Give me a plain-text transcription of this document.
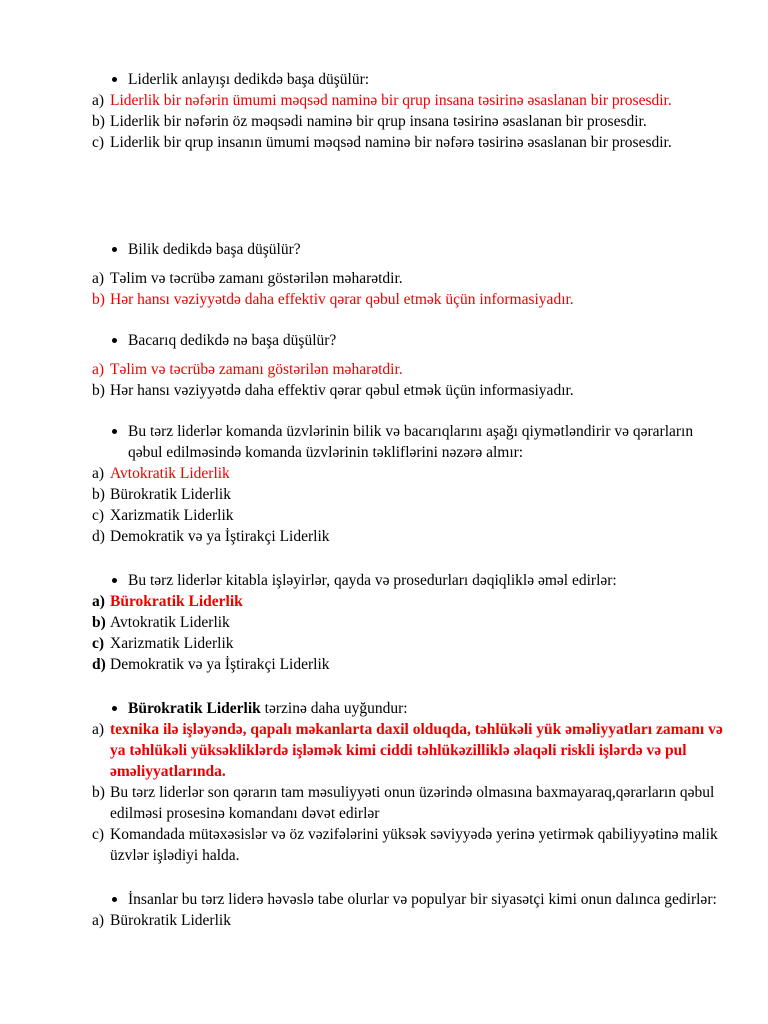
Liderlik anlayışı dedikdə başa düşülür:
a) Liderlik bir nəfərin ümumi məqsəd naminə bir qrup insana təsirinə əsaslanan bir prosesdir.
b) Liderlik bir nəfərin öz məqsədi naminə bir qrup insana təsirinə əsaslanan bir prosesdir.
c) Liderlik bir qrup insanın ümumi məqsəd naminə bir nəfərə təsirinə əsaslanan bir prosesdir.
Bilik dedikdə başa düşülür?
a) Təlim və təcrübə zamanı göstərilən məharətdir.
b) Hər hansı vəziyyətdə daha effektiv qərar qəbul etmək üçün informasiyadır.
Bacarıq dedikdə nə başa düşülür?
a) Təlim və təcrübə zamanı göstərilən məharətdir.
b) Hər hansı vəziyyətdə daha effektiv qərar qəbul etmək üçün informasiyadır.
Bu tərz liderlər komanda üzvlərinin bilik və bacarıqlarını aşağı qiymətləndirir və qərarların qəbul edilməsində komanda üzvlərinin təkliflərini nəzərə almır:
a) Avtokratik Liderlik
b) Bürokratik Liderlik
c) Xarizmatik Liderlik
d) Demokratik və ya İştirakçi Liderlik
Bu tərz liderlər kitabla işləyirlər, qayda və prosedurları dəqiqliklə əməl edirlər:
a) Bürokratik Liderlik
b) Avtokratik Liderlik
c) Xarizmatik Liderlik
d) Demokratik və ya İştirakçi Liderlik
Bürokratik Liderlik tərzinə daha uyğundur:
a) texnika ilə işləyəndə, qapalı məkanlarta daxil olduqda, təhlükəli yük əməliyyatları zamanı və ya təhlükəli yüksəkliklərdə işləmək kimi ciddi təhlükəzilliklə əlaqəli riskli işlərdə və pul əməliyyatlarında.
b) Bu tərz liderlər son qərarın tam məsuliyyəti onun üzərində olmasına baxmayaraq,qərarların qəbul edilməsi prosesinə komandanı dəvət edirlər
c) Komandada mütəxəsislər və öz vəzifələrini yüksək səviyyədə yerinə yetirmək qabiliyyətinə malik üzvlər işlədiyi halda.
İnsanlar bu tərz liderə həvəslə tabe olurlar və populyar bir siyasətçi kimi onun dalınca gedirlər:
a) Bürokratik Liderlik
